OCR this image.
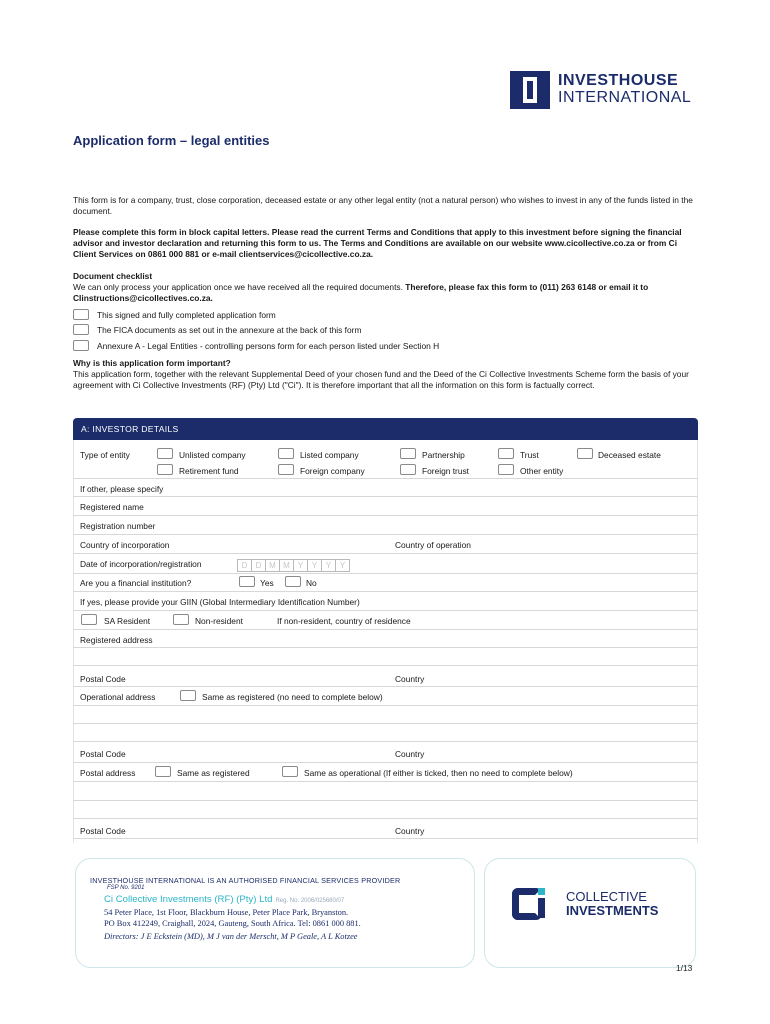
INVESTHOUSE
INTERNATIONAL
Application form – legal entities
This form is for a company, trust, close corporation, deceased estate or any other legal entity (not a natural person) who wishes to invest in any of the funds listed in the document.
Please complete this form in block capital letters. Please read the current Terms and Conditions that apply to this investment before signing the financial advisor and investor declaration and returning this form to us. The Terms and Conditions are available on our website www.cicollective.co.za or from Ci Client Services on 0861 000 881 or e-mail clientservices@cicollective.co.za.
Document checklist
We can only process your application once we have received all the required documents. Therefore, please fax this form to (011) 263 6148 or email it to CIinstructions@cicollectives.co.za.
This signed and fully completed application form
The FICA documents as set out in the annexure at the back of this form
Annexure A - Legal Entities - controlling persons form for each person listed under Section H
Why is this application form important?
This application form, together with the relevant Supplemental Deed of your chosen fund and the Deed of the Ci Collective Investments Scheme form the basis of your agreement with Ci Collective Investments (RF) (Pty) Ltd ("Ci"). It is therefore important that all the information on this form is factually correct.
A: INVESTOR DETAILS
Type of entity	Unlisted company	Listed company	Partnership	Trust	Deceased estate
Retirement fund	Foreign company	Foreign trust	Other entity
If other, please specify
Registered name
Registration number
Country of incorporation	Country of operation
Date of incorporation/registration	D	D M M	Y	Y	Y	Y
Are you a financial institution?	Yes	No
If yes, please provide your GIIN (Global Intermediary Identification Number)
SA Resident	Non-resident	If non-resident, country of residence
Registered address
Postal Code	Country
Operational address	Same as registered (no need to complete below)
Postal Code	Country
Postal address	Same as registered	Same as operational (If either is ticked, then no need to complete below)
Postal Code	Country
INVESTHOUSE INTERNATIONAL IS AN AUTHORISED FINANCIAL SERVICES PROVIDER
FSP No. 9201
Ci Collective Investments (RF) (Pty) Ltd Reg. No. 2006/025680/07
54 Peter Place, 1st Floor, Blackburn House, Peter Place Park, Bryanston.
PO Box 412249, Craighall, 2024, Gauteng, South Africa. Tel: 0861 000 881.
Directors: J E Eckstein (MD), M J van der Merscht, M P Geale, A L Kotzee
COLLECTIVE
INVESTMENTS
1/13
